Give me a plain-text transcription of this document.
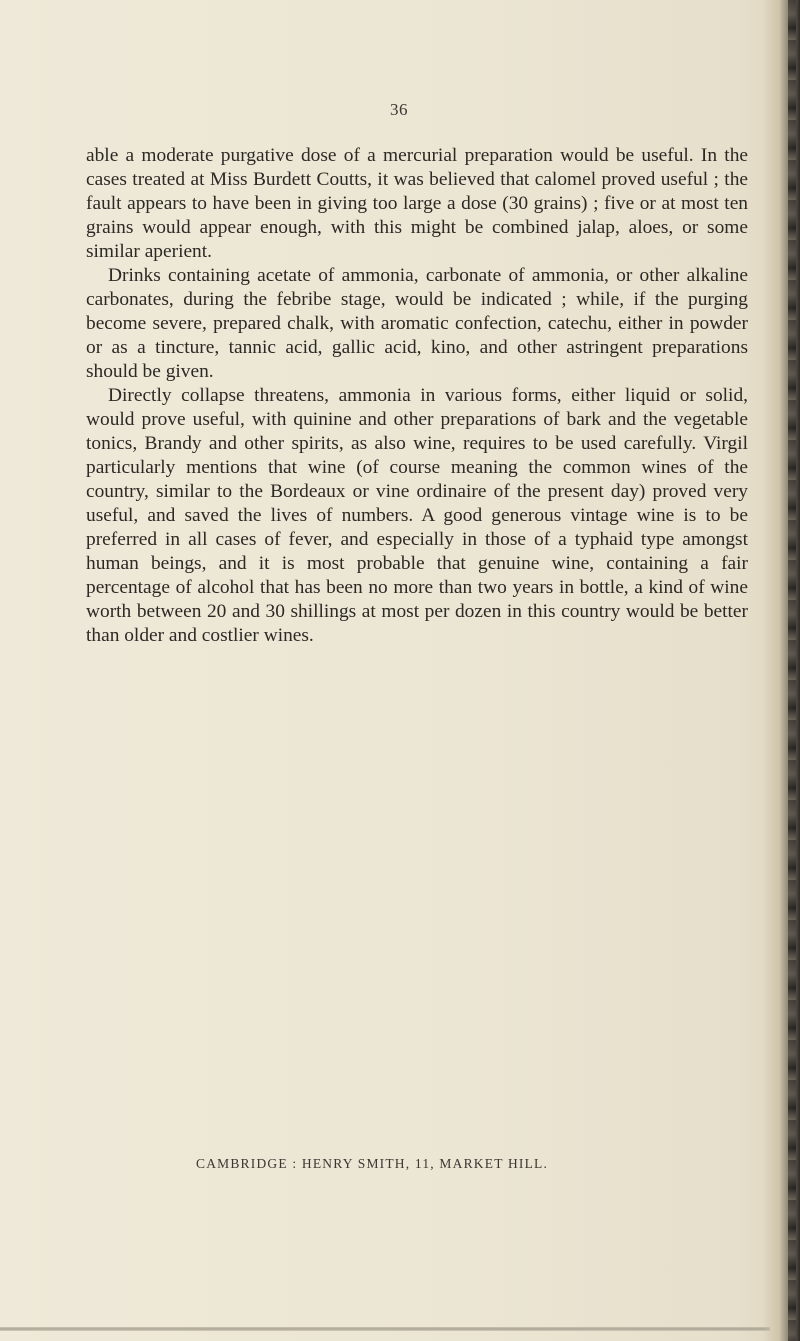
36

able a moderate purgative dose of a mercurial preparation would be useful. In the cases treated at Miss Burdett Coutts, it was believed that calomel proved useful ; the fault appears to have been in giving too large a dose (30 grains) ; five or at most ten grains would appear enough, with this might be combined jalap, aloes, or some similar aperient.

Drinks containing acetate of ammonia, carbonate of ammonia, or other alkaline carbonates, during the febribe stage, would be indicated ; while, if the purging become severe, prepared chalk, with aromatic confection, catechu, either in powder or as a tincture, tannic acid, gallic acid, kino, and other astringent preparations should be given.

Directly collapse threatens, ammonia in various forms, either liquid or solid, would prove useful, with quinine and other preparations of bark and the vegetable tonics, Brandy and other spirits, as also wine, requires to be used carefully. Virgil particularly mentions that wine (of course meaning the common wines of the country, similar to the Bordeaux or vine ordinaire of the present day) proved very useful, and saved the lives of numbers. A good generous vintage wine is to be preferred in all cases of fever, and especially in those of a typhaid type amongst human beings, and it is most probable that genuine wine, containing a fair percentage of alcohol that has been no more than two years in bottle, a kind of wine worth between 20 and 30 shillings at most per dozen in this country would be better than older and costlier wines.

CAMBRIDGE : HENRY SMITH, 11, MARKET HILL.
